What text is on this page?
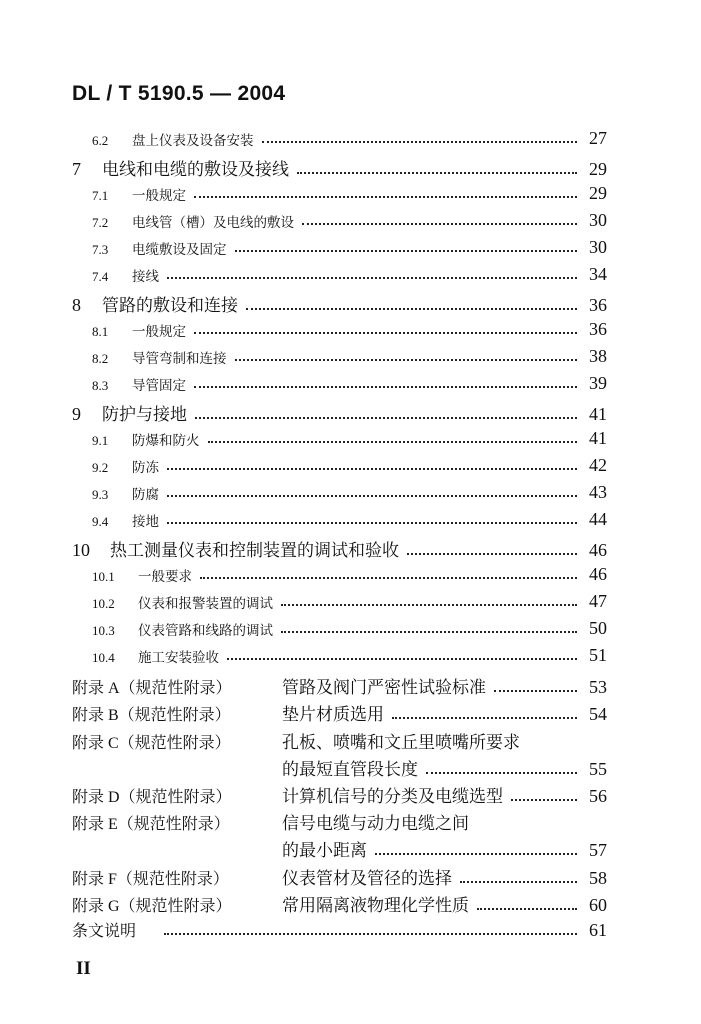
DL / T 5190.5 — 2004
6.2	盘上仪表及设备安装	27
7	电线和电缆的敷设及接线	29
7.1	一般规定	29
7.2	电线管（槽）及电线的敷设	30
7.3	电缆敷设及固定	30
7.4	接线	34
8	管路的敷设和连接	36
8.1	一般规定	36
8.2	导管弯制和连接	38
8.3	导管固定	39
9	防护与接地	41
9.1	防爆和防火	41
9.2	防冻	42
9.3	防腐	43
9.4	接地	44
10	热工测量仪表和控制装置的调试和验收	46
10.1	一般要求	46
10.2	仪表和报警装置的调试	47
10.3	仪表管路和线路的调试	50
10.4	施工安装验收	51
附录 A（规范性附录）	管路及阀门严密性试验标准	53
附录 B（规范性附录）	垫片材质选用	54
附录 C（规范性附录）	孔板、喷嘴和文丘里喷嘴所要求
的最短直管段长度	55
附录 D（规范性附录）	计算机信号的分类及电缆选型	56
附录 E（规范性附录）	信号电缆与动力电缆之间
的最小距离	57
附录 F（规范性附录）	仪表管材及管径的选择	58
附录 G（规范性附录）	常用隔离液物理化学性质	60
条文说明	61
II
